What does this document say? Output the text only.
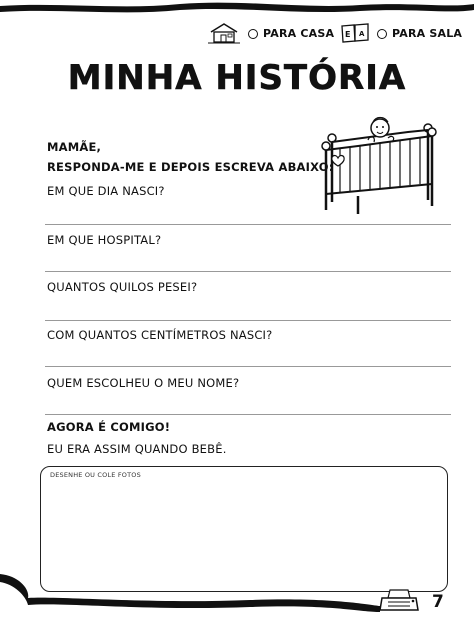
PARA CASA E A	PARA SALA
MINHA HISTÓRIA
MAMÃE,
RESPONDA-ME E DEPOIS ESCREVA ABAIXO:
EM QUE DIA NASCI?
EM QUE HOSPITAL?
QUANTOS QUILOS PESEI?
COM QUANTOS CENTÍMETROS NASCI?
QUEM ESCOLHEU O MEU NOME?
AGORA É COMIGO!
EU ERA ASSIM QUANDO BEBÊ.
DESENHE OU COLE FOTOS
7
